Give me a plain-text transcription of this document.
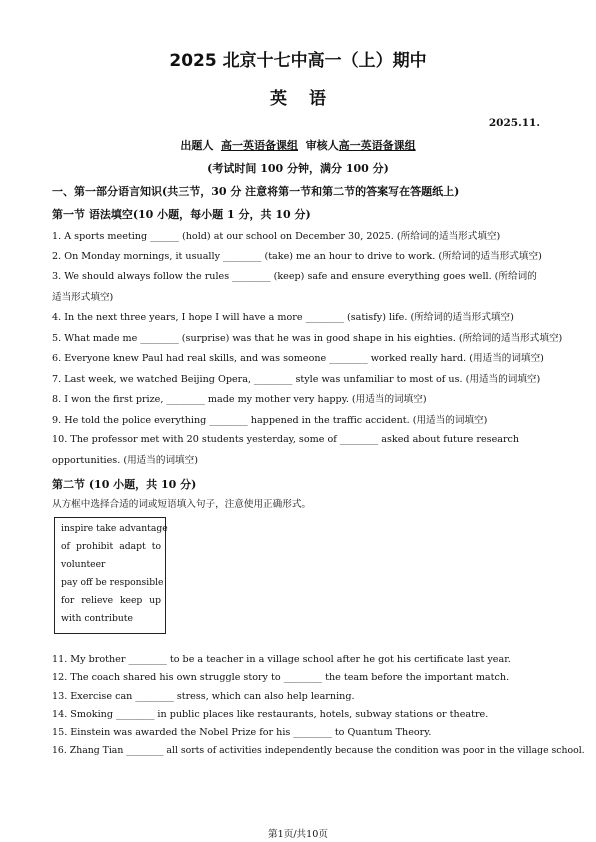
2025 北京十七中高一（上）期中
英语
2025.11.
出题人 高一英语备课组 审核人高一英语备课组
(考试时间 100 分钟，满分 100 分)
一、第一部分语言知识(共三节，30 分 注意将第一节和第二节的答案写在答题纸上)
第一节 语法填空(10 小题，每小题 1 分，共 10 分)
1. A sports meeting ______ (hold) at our school on December 30, 2025. (所给词的适当形式填空)
2. On Monday mornings, it usually ________ (take) me an hour to drive to work. (所给词的适当形式填空)
3. We should always follow the rules ________ (keep) safe and ensure everything goes well. (所给词的适当形式填空)
4. In the next three years, I hope I will have a more ________ (satisfy) life. (所给词的适当形式填空)
5. What made me ________ (surprise) was that he was in good shape in his eighties. (所给词的适当形式填空)
6. Everyone knew Paul had real skills, and was someone ________ worked really hard. (用适当的词填空)
7. Last week, we watched Beijing Opera, ________ style was unfamiliar to most of us. (用适当的词填空)
8. I won the first prize, ________ made my mother very happy. (用适当的词填空)
9. He told the police everything ________ happened in the traffic accident. (用适当的词填空)
10. The professor met with 20 students yesterday, some of ________ asked about future research opportunities. (用适当的词填空)
第二节 (10 小题，共 10 分)
从方框中选择合适的词或短语填入句子，注意使用正确形式。
inspire take advantage
of prohibit adapt to
volunteer
pay off be responsible
for relieve keep up
with contribute
11. My brother ________ to be a teacher in a village school after he got his certificate last year.
12. The coach shared his own struggle story to ________ the team before the important match.
13. Exercise can ________ stress, which can also help learning.
14. Smoking ________ in public places like restaurants, hotels, subway stations or theatre.
15. Einstein was awarded the Nobel Prize for his ________ to Quantum Theory.
16. Zhang Tian ________ all sorts of activities independently because the condition was poor in the village school.
第1页/共10页
